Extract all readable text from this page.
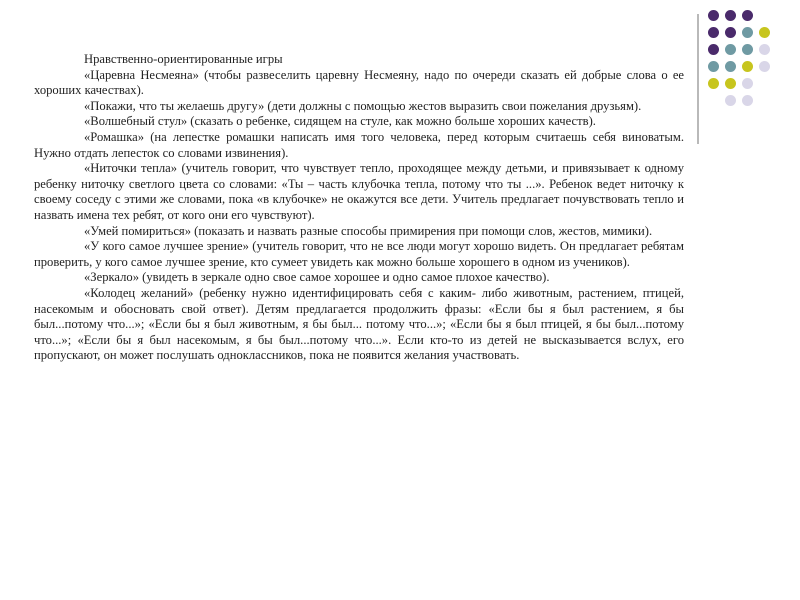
Нравственно-ориентированные игры

«Царевна Несмеяна» (чтобы развеселить царевну Несмеяну, надо по очереди сказать ей добрые слова о ее хороших качествах).

«Покажи, что ты желаешь другу» (дети должны с помощью жестов выразить свои пожелания друзьям).

«Волшебный стул» (сказать о ребенке, сидящем на стуле, как можно больше хороших качеств).

«Ромашка» (на лепестке ромашки написать имя того человека, перед которым считаешь себя виноватым. Нужно отдать лепесток со словами извинения).

«Ниточки тепла» (учитель говорит, что чувствует тепло, проходящее между детьми, и привязывает к одному ребенку ниточку светлого цвета со словами: «Ты – часть клубочка тепла, потому что ты ...». Ребенок ведет ниточку к своему соседу с этими же словами, пока «в клубочке» не окажутся все дети. Учитель предлагает почувствовать тепло и назвать имена тех ребят, от кого они его чувствуют).

«Умей помириться» (показать и назвать разные способы примирения при помощи слов, жестов, мимики).

«У кого самое лучшее зрение» (учитель говорит, что не все люди могут хорошо видеть. Он предлагает ребятам проверить, у кого самое лучшее зрение, кто сумеет увидеть как можно больше хорошего в одном из учеников).

«Зеркало» (увидеть в зеркале одно свое самое хорошее и одно самое плохое качество).

«Колодец желаний» (ребенку нужно идентифицировать себя с каким- либо животным, растением, птицей, насекомым и обосновать свой ответ). Детям предлагается продолжить фразы: «Если бы я был растением, я бы был...потому что...»; «Если бы я был животным, я бы был... потому что...»; «Если бы я был птицей, я бы был...потому что...»; «Если бы я был насекомым, я бы был...потому что...». Если кто-то из детей не высказывается вслух, его пропускают, он может послушать одноклассников, пока не появится желания участвовать.
